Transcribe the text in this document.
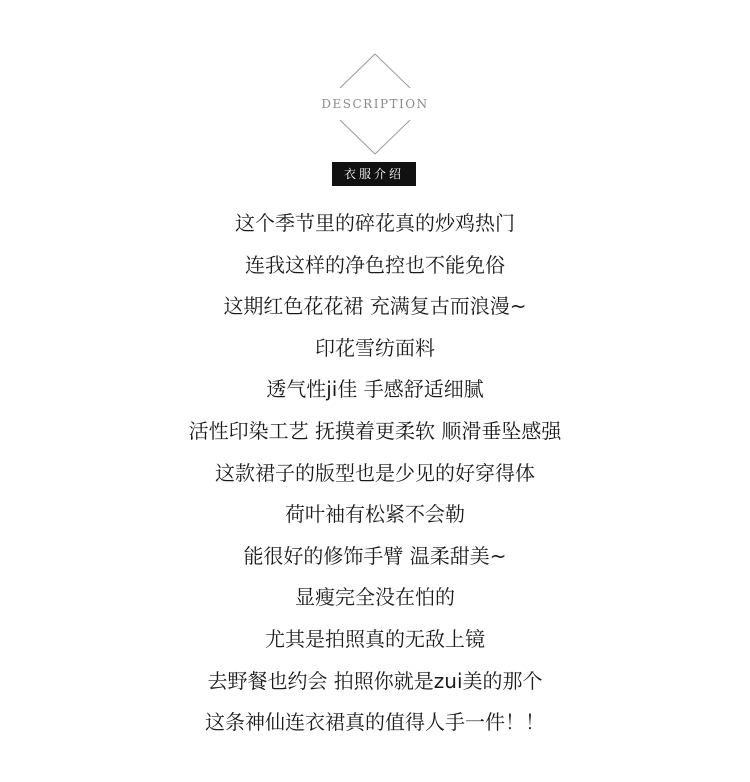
DESCRIPTION
衣服介绍
这个季节里的碎花真的炒鸡热门
连我这样的净色控也不能免俗
这期红色花花裙 充满复古而浪漫~
印花雪纺面料
透气性ji佳 手感舒适细腻
活性印染工艺 抚摸着更柔软 顺滑垂坠感强
这款裙子的版型也是少见的好穿得体
荷叶袖有松紧不会勒
能很好的修饰手臂 温柔甜美~
显瘦完全没在怕的
尤其是拍照真的无敌上镜
去野餐也约会 拍照你就是zui美的那个
这条神仙连衣裙真的值得人手一件！！
